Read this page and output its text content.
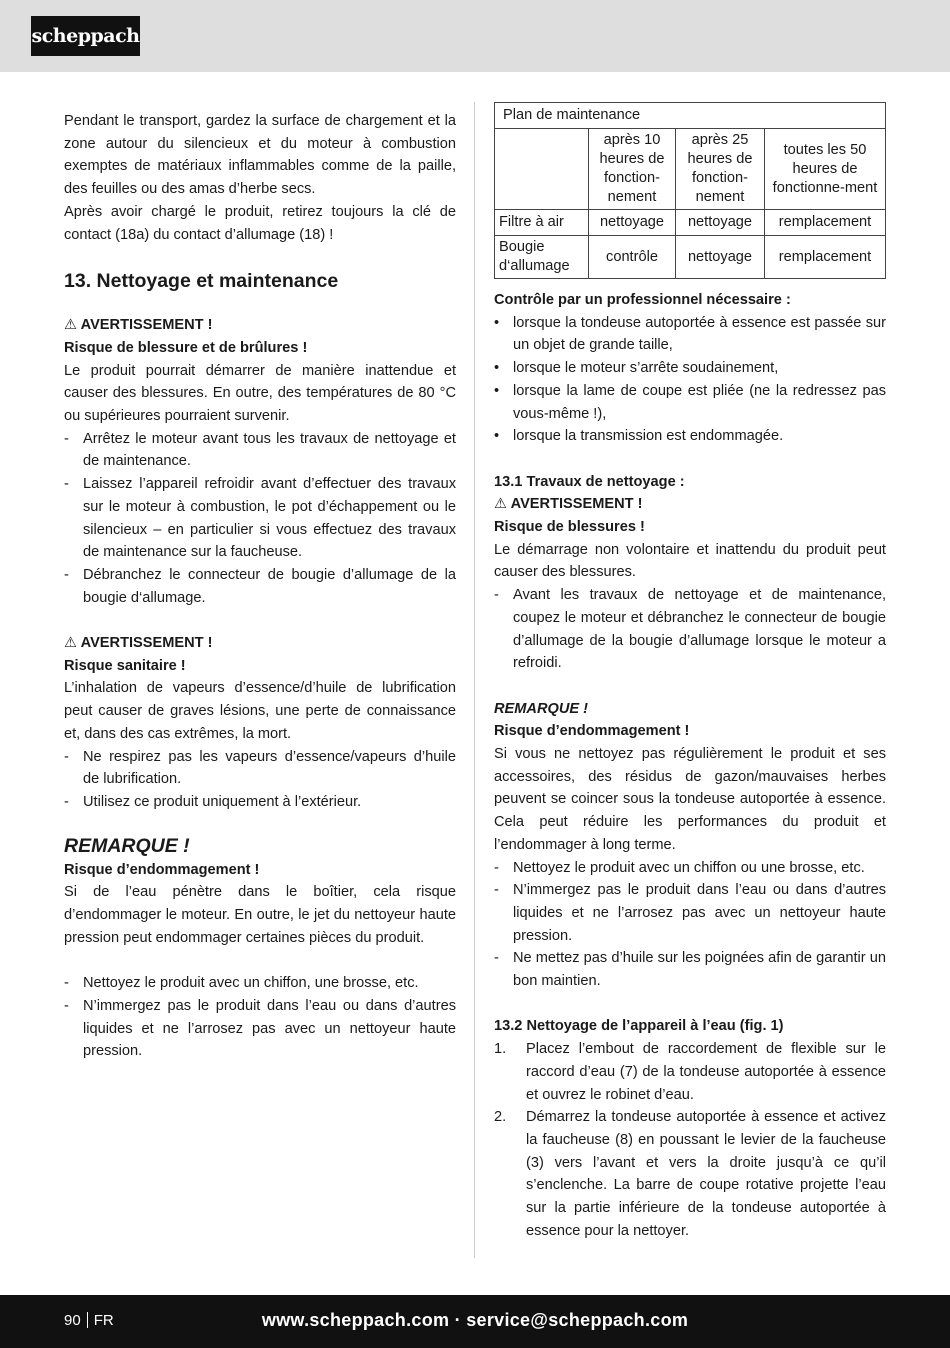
scheppach

Pendant le transport, gardez la surface de chargement et la zone autour du silencieux et du moteur à combustion exemptes de matériaux inflammables comme de la paille, des feuilles ou des amas d’herbe secs.

Après avoir chargé le produit, retirez toujours la clé de contact (18a) du contact d’allumage (18) !

13. Nettoyage et maintenance

⚠ AVERTISSEMENT !

Risque de blessure et de brûlures !

Le produit pourrait démarrer de manière inattendue et causer des blessures. En outre, des températures de 80 °C ou supérieures pourraient survenir.

- Arrêtez le moteur avant tous les travaux de nettoyage et de maintenance.
- Laissez l’appareil refroidir avant d’effectuer des travaux sur le moteur à combustion, le pot d’échappement ou le silencieux – en particulier si vous effectuez des travaux de maintenance sur la faucheuse.
- Débranchez le connecteur de bougie d’allumage de la bougie d‘allumage.

⚠ AVERTISSEMENT !

Risque sanitaire !

L’inhalation de vapeurs d’essence/d’huile de lubrification peut causer de graves lésions, une perte de connaissance et, dans des cas extrêmes, la mort.

- Ne respirez pas les vapeurs d’essence/vapeurs d’huile de lubrification.
- Utilisez ce produit uniquement à l’extérieur.
REMARQUE !

Risque d’endommagement !

Si de l’eau pénètre dans le boîtier, cela risque d’endommager le moteur. En outre, le jet du nettoyeur haute pression peut endommager certaines pièces du produit.

- Nettoyez le produit avec un chiffon, une brosse, etc.
- N’immergez pas le produit dans l’eau ou dans d’autres liquides et ne l’arrosez pas avec un nettoyeur haute pression.
Plan de maintenance			
	après 10 heures de fonction-nement	après 25 heures de fonction-nement	toutes les 50 heures de fonctionne-ment
Filtre à air	nettoyage	nettoyage	remplacement
Bougie d‘allumage	contrôle	nettoyage	remplacement

Contrôle par un professionnel nécessaire :

• lorsque la tondeuse autoportée à essence est passée sur un objet de grande taille,
• lorsque le moteur s’arrête soudainement,
• lorsque la lame de coupe est pliée (ne la redressez pas vous-même !),
• lorsque la transmission est endommagée.

13.1 Travaux de nettoyage :

⚠ AVERTISSEMENT !

Risque de blessures !

Le démarrage non volontaire et inattendu du produit peut causer des blessures.

- Avant les travaux de nettoyage et de maintenance, coupez le moteur et débranchez le connecteur de bougie d’allumage de la bougie d’allumage lorsque le moteur a refroidi.

REMARQUE !

Risque d’endommagement !

Si vous ne nettoyez pas régulièrement le produit et ses accessoires, des résidus de gazon/mauvaises herbes peuvent se coincer sous la tondeuse autoportée à essence. Cela peut réduire les performances du produit et l’endommager à long terme.

- Nettoyez le produit avec un chiffon ou une brosse, etc.
- N’immergez pas le produit dans l’eau ou dans d’autres liquides et ne l’arrosez pas avec un nettoyeur haute pression.
- Ne mettez pas d’huile sur les poignées afin de garantir un bon maintien.

13.2 Nettoyage de l’appareil à l’eau (fig. 1)

1. Placez l’embout de raccordement de flexible sur le raccord d’eau (7) de la tondeuse autoportée à essence et ouvrez le robinet d’eau.
2. Démarrez la tondeuse autoportée à essence et activez la faucheuse (8) en poussant le levier de la faucheuse (3) vers l’avant et vers la droite jusqu’à ce qu’il s’enclenche. La barre de coupe rotative projette l’eau sur la partie inférieure de la tondeuse autoportée à essence pour la nettoyer.
90 FR	www.scheppach.com · service@scheppach.com
